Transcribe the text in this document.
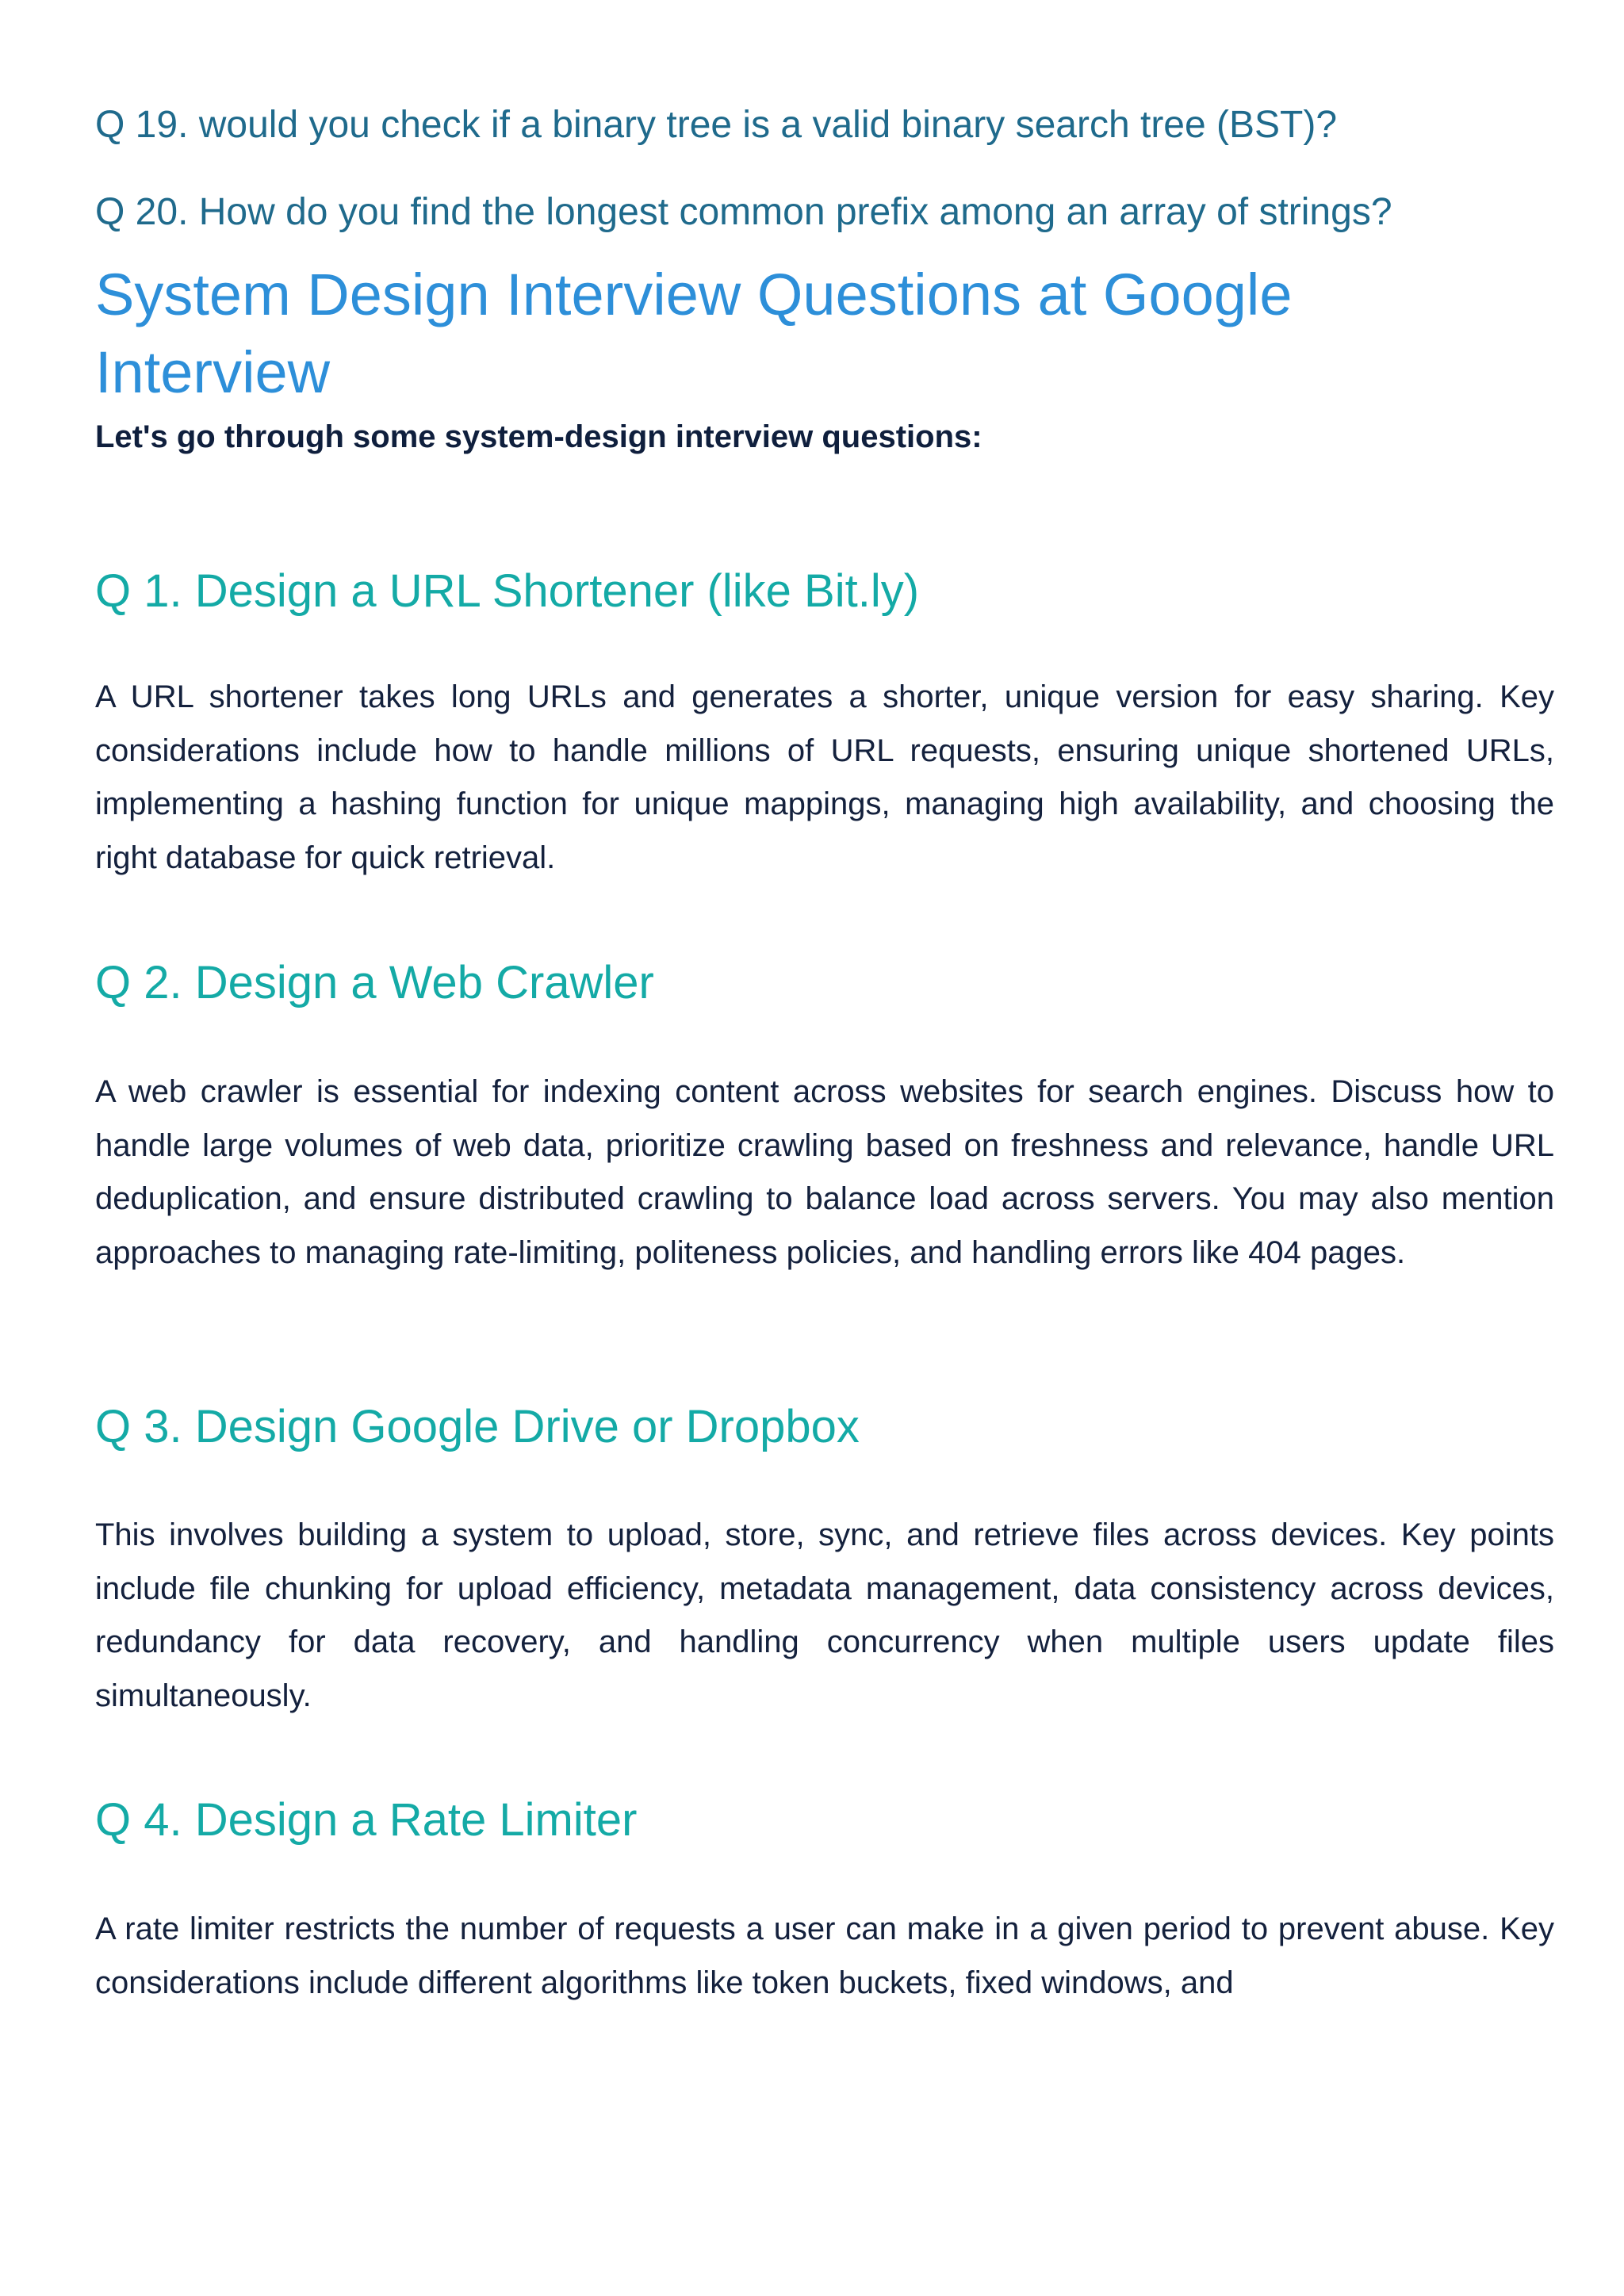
Q 19. would you check if a binary tree is a valid binary search tree (BST)?

Q 20. How do you find the longest common prefix among an array of strings?

System Design Interview Questions at Google Interview

Let's go through some system-design interview questions:

Q 1. Design a URL Shortener (like Bit.ly)

A URL shortener takes long URLs and generates a shorter, unique version for easy sharing. Key considerations include how to handle millions of URL requests, ensuring unique shortened URLs, implementing a hashing function for unique mappings, managing high availability, and choosing the right database for quick retrieval.

Q 2. Design a Web Crawler

A web crawler is essential for indexing content across websites for search engines. Discuss how to handle large volumes of web data, prioritize crawling based on freshness and relevance, handle URL deduplication, and ensure distributed crawling to balance load across servers. You may also mention approaches to managing rate-limiting, politeness policies, and handling errors like 404 pages.

Q 3. Design Google Drive or Dropbox

This involves building a system to upload, store, sync, and retrieve files across devices. Key points include file chunking for upload efficiency, metadata management, data consistency across devices, redundancy for data recovery, and handling concurrency when multiple users update files simultaneously.

Q 4. Design a Rate Limiter

A rate limiter restricts the number of requests a user can make in a given period to prevent abuse. Key considerations include different algorithms like token buckets, fixed windows, and
